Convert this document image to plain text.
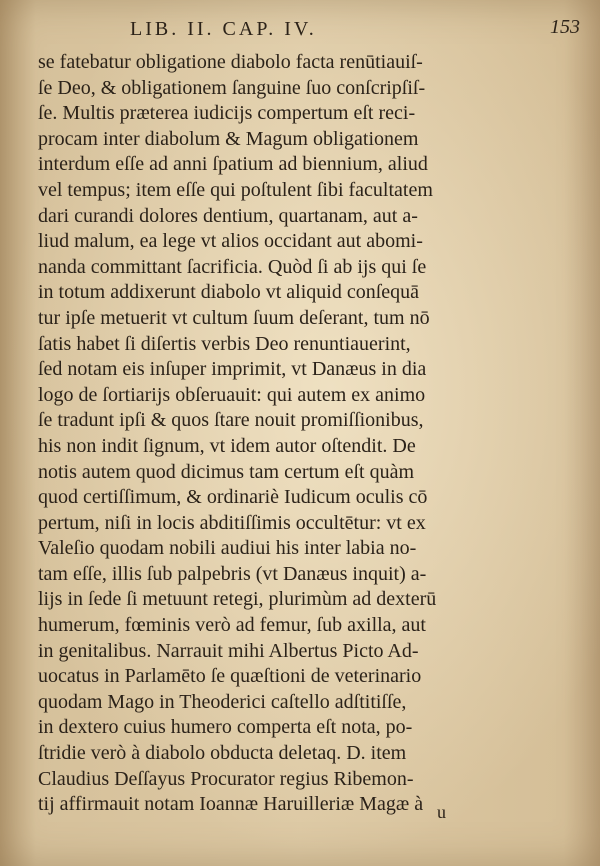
LIB. II. CAP. IV.	153
se fatebatur obligatione diabolo facta renūtiauiſ-
ſe Deo, & obligationem ſanguine ſuo conſcripſiſ-
ſe. Multis præterea iudicijs compertum eſt reci-
procam inter diabolum & Magum obligationem
interdum eſſe ad anni ſpatium ad biennium, aliud
vel tempus; item eſſe qui poſtulent ſibi facultatem
dari curandi dolores dentium, quartanam, aut a-
liud malum, ea lege vt alios occidant aut abomi-
nanda committant ſacrificia. Quòd ſi ab ijs qui ſe
in totum addixerunt diabolo vt aliquid conſequā
tur ipſe metuerit vt cultum ſuum deſerant, tum nō
ſatis habet ſi diſertis verbis Deo renuntiauerint,
ſed notam eis inſuper imprimit, vt Danæus in dia
logo de ſortiarijs obſeruauit: qui autem ex animo
ſe tradunt ipſi & quos ſtare nouit promiſſionibus,
his non indit ſignum, vt idem autor oſtendit. De
notis autem quod dicimus tam certum eſt quàm
quod certiſſimum, & ordinariè Iudicum oculis cō
pertum, niſi in locis abditiſſimis occultētur: vt ex
Valeſio quodam nobili audiui his inter labia no-
tam eſſe, illis ſub palpebris (vt Danæus inquit) a-
lijs in ſede ſi metuunt retegi, plurimùm ad dexterū
humerum, fœminis verò ad femur, ſub axilla, aut
in genitalibus. Narrauit mihi Albertus Picto Ad-
uocatus in Parlamēto ſe quæſtioni de veterinario
quodam Mago in Theoderici caſtello adſtitiſſe,
in dextero cuius humero comperta eſt nota, po-
ſtridie verò à diabolo obducta deletaq. D. item
Claudius Deſſayus Procurator regius Ribemon-
tij affirmauit notam Ioannæ Haruilleriæ Magæ à u
